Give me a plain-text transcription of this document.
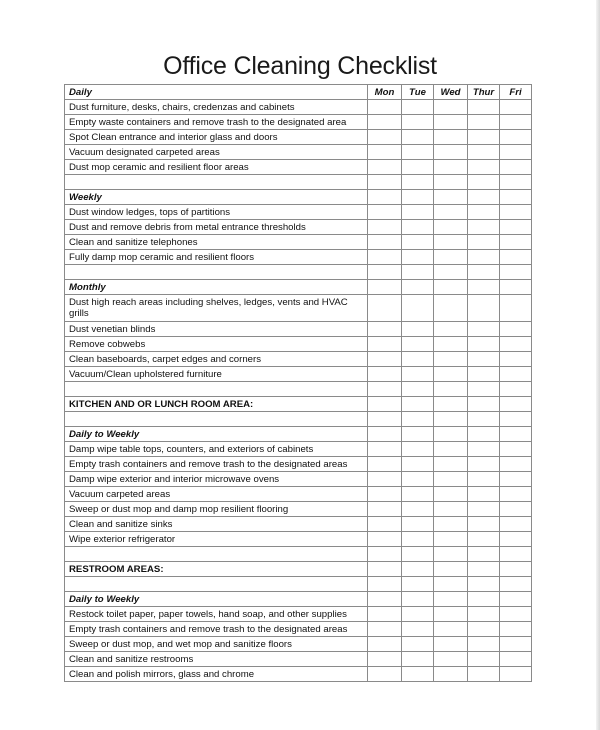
Office Cleaning Checklist
Daily	Mon	Tue	Wed	Thur	Fri
Dust furniture, desks, chairs, credenzas and cabinets					
Empty waste containers and remove trash to the designated area					
Spot Clean entrance and interior glass and doors					
Vacuum designated carpeted areas					
Dust mop ceramic and resilient floor areas					

Weekly					
Dust window ledges, tops of partitions					
Dust and remove debris from metal entrance thresholds					
Clean and sanitize telephones					
Fully damp mop ceramic and resilient floors					

Monthly					
Dust high reach areas including shelves, ledges, vents and HVAC grills					
Dust venetian blinds					
Remove cobwebs					
Clean baseboards, carpet edges and corners					
Vacuum/Clean upholstered furniture					

KITCHEN AND OR LUNCH ROOM AREA:					

Daily to Weekly					
Damp wipe table tops, counters, and exteriors of cabinets					
Empty trash containers and remove trash to the designated areas					
Damp wipe exterior and interior microwave ovens					
Vacuum carpeted areas					
Sweep or dust mop and damp mop resilient flooring					
Clean and sanitize sinks					
Wipe exterior refrigerator					

RESTROOM AREAS:					

Daily to Weekly					
Restock toilet paper, paper towels, hand soap, and other supplies					
Empty trash containers and remove trash to the designated areas					
Sweep or dust mop, and wet mop and sanitize floors					
Clean and sanitize restrooms					
Clean and polish mirrors, glass and chrome					
